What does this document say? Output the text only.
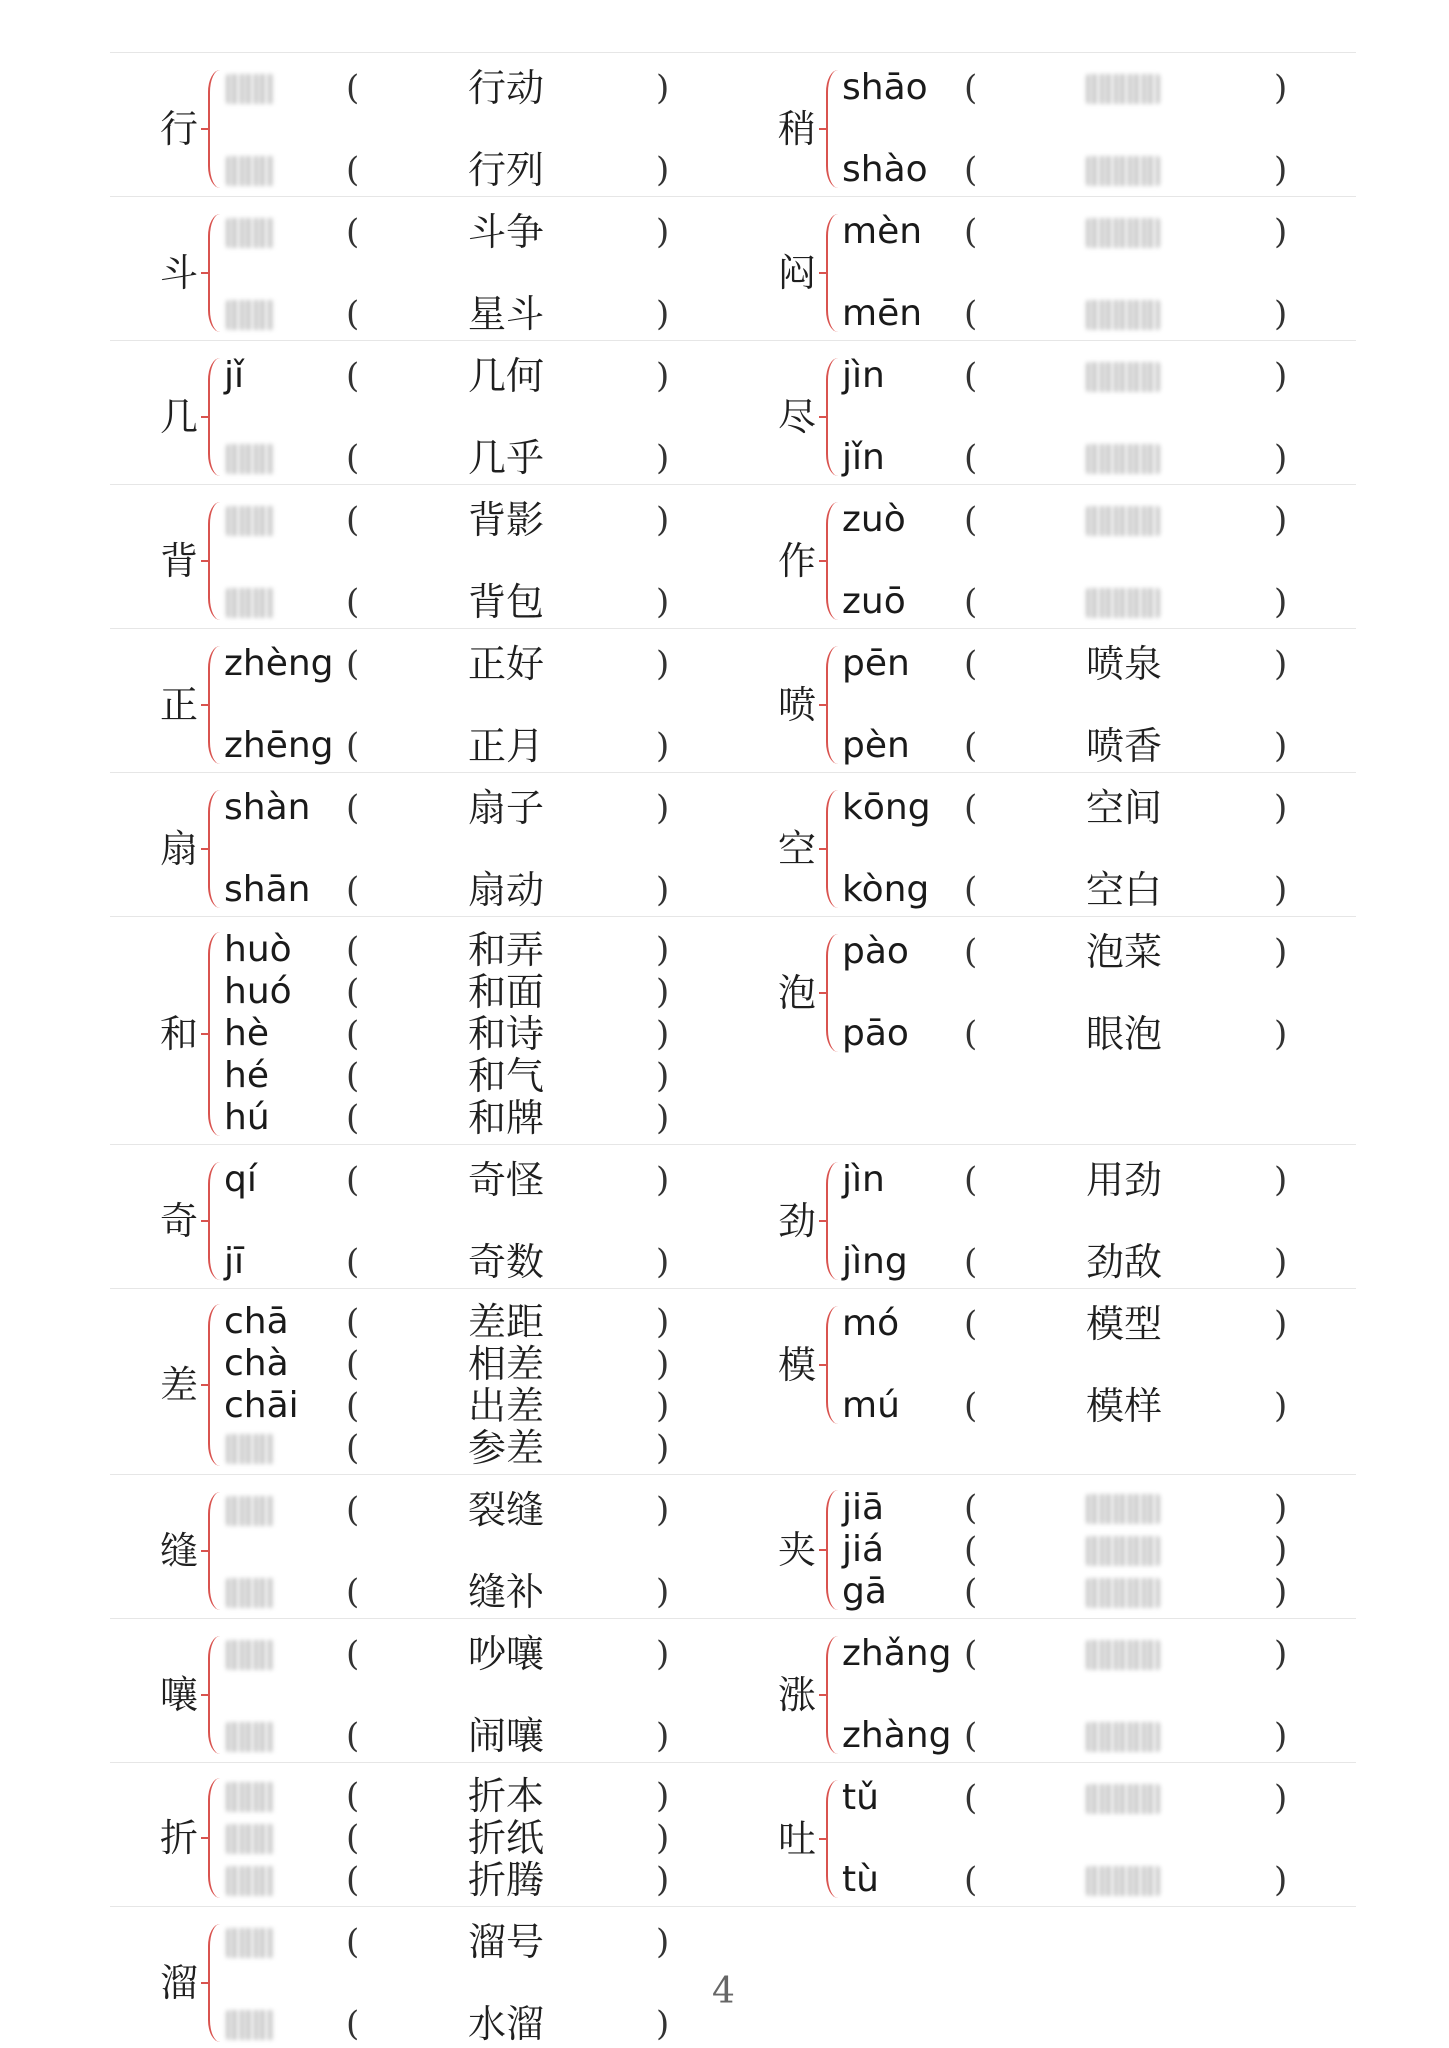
行
(	行动	)
(	行列	)
斗
(	斗争	)
(	星斗	)
几
jǐ	(	几何	)
(	几乎	)
背
(	背影	)
(	背包	)
正
zhèng (	正好	)
zhēng (	正月	)
扇
shàn (	扇子	)
shān (	扇动	)
和
huò (	和弄	)
huó (	和面	)
hè (	和诗	)
hé (	和气	)
hú (	和牌	)
奇
qí	(	奇怪	)
jī	(	奇数	)
差
chā (	差距	)
chà (	相差	)
chāi (	出差	)
(	参差	)
缝
(	裂缝	)
(	缝补	)
嚷
(	吵嚷	)
(	闹嚷	)
折
(	折本	)
(	折纸	)
(	折腾	)
溜
(	溜号	)
(	水溜	)
稍
shāo (	)
shào (	)
闷
mèn (	)
mēn (	)
尽
jìn (	)
jǐn (	)
作
zuò (	)
zuō (	)
喷
pēn (	喷泉	)
pèn (	喷香	)
空
kōng (	空间	)
kòng (	空白	)
泡
pào (	泡菜	)
pāo (	眼泡	)
劲
jìn (	用劲	)
jìng (	劲敌	)
模
mó (	模型	)
mú (	模样	)
夹
jiā (	)
jiá (	)
gā (	)
涨
zhǎng (	)
zhàng (	)
吐
tǔ	(	)
tù	(	)
4
